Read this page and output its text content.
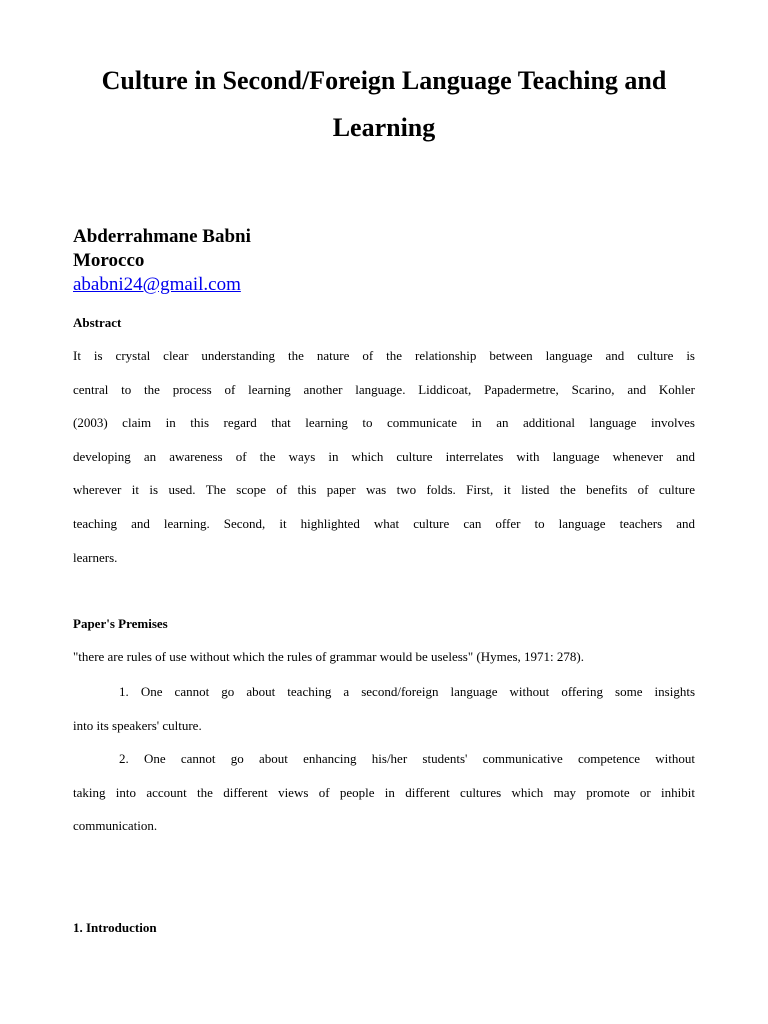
Culture in Second/Foreign Language Teaching and
Learning
Abderrahmane Babni
Morocco
ababni24@gmail.com
Abstract
It is crystal clear understanding the nature of the relationship between language and culture is
central to the process of learning another language. Liddicoat, Papadermetre, Scarino, and Kohler
(2003) claim in this regard that learning to communicate in an additional language involves
developing an awareness of the ways in which culture interrelates with language whenever and
wherever it is used. The scope of this paper was two folds. First, it listed the benefits of culture
teaching and learning. Second, it highlighted what culture can offer to language teachers and
learners.
Paper's Premises
"there are rules of use without which the rules of grammar would be useless" (Hymes, 1971: 278).
1. One cannot go about teaching a second/foreign language without offering some insights
into its speakers' culture.
2. One cannot go about enhancing his/her students' communicative competence without
taking into account the different views of people in different cultures which may promote or inhibit
communication.
1. Introduction
